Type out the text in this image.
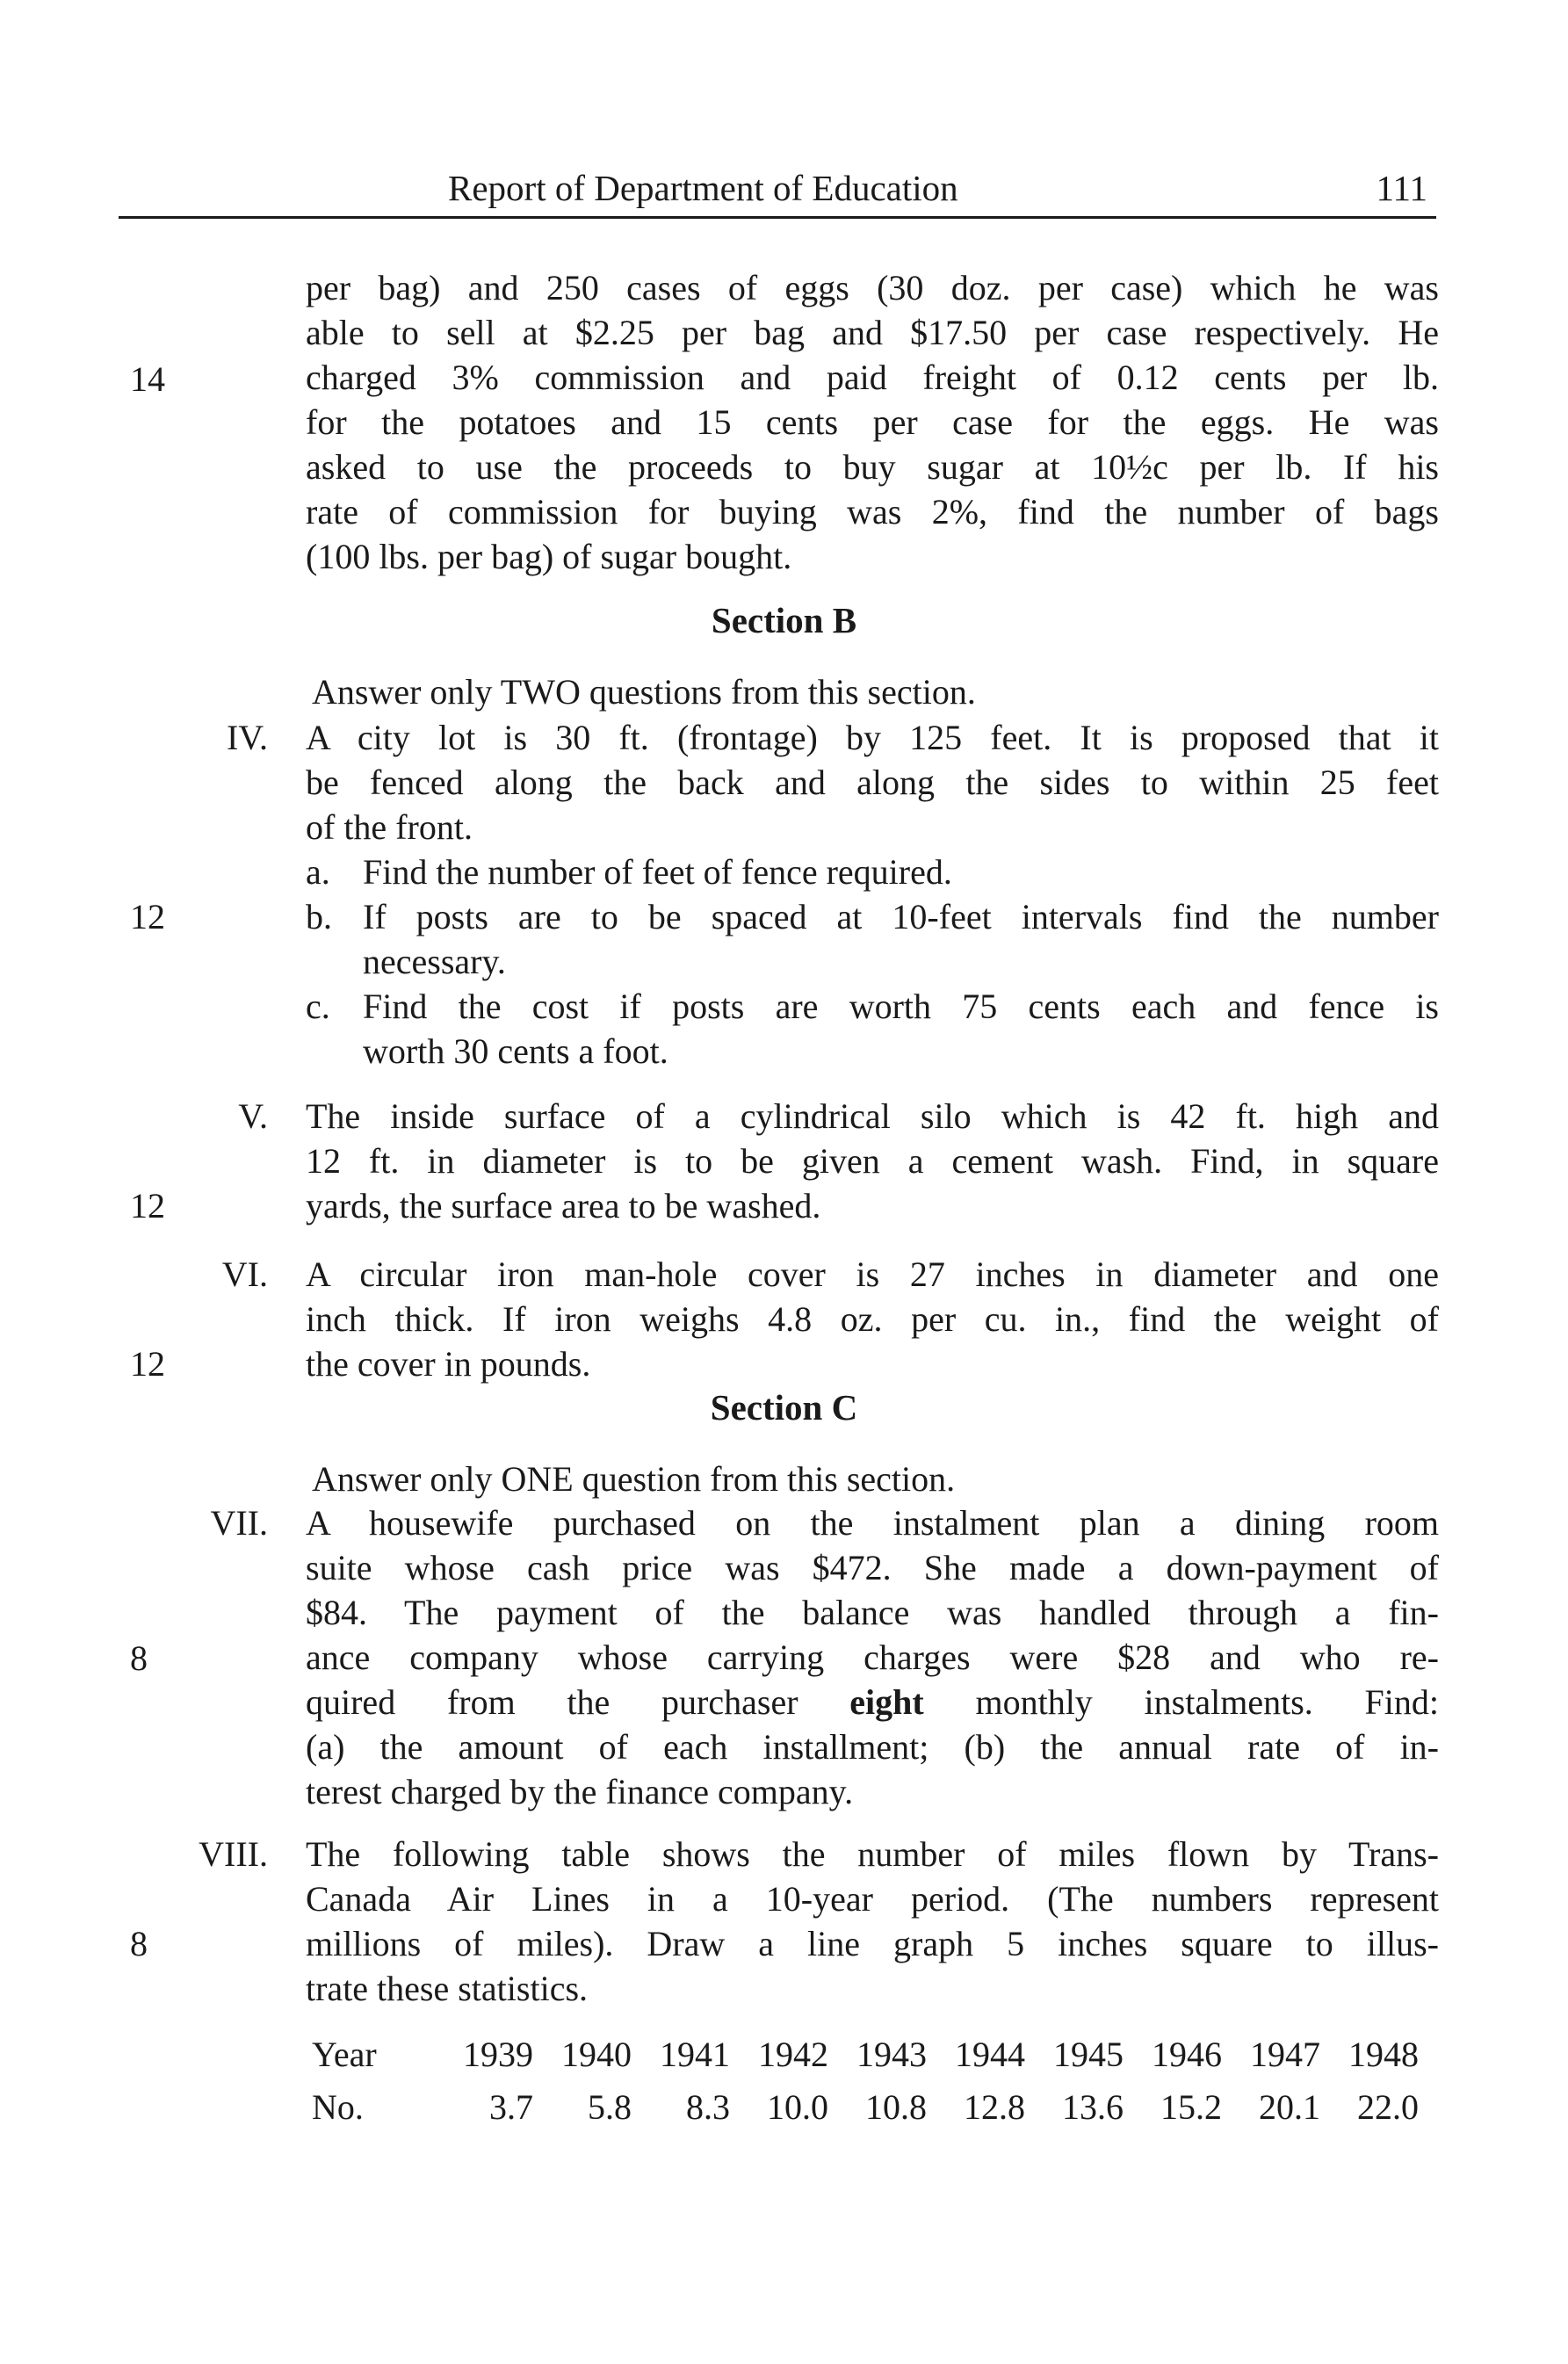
Report of Department of Education	111
14
per bag) and 250 cases of eggs (30 doz. per case) which he was
able to sell at $2.25 per bag and $17.50 per case respectively. He
charged 3% commission and paid freight of 0.12 cents per lb.
for the potatoes and 15 cents per case for the eggs. He was
asked to use the proceeds to buy sugar at 10½c per lb. If his
rate of commission for buying was 2%, find the number of bags
(100 lbs. per bag) of sugar bought.
Section B
Answer only TWO questions from this section.
IV. A city lot is 30 ft. (frontage) by 125 feet. It is proposed that it
be fenced along the back and along the sides to within 25 feet
of the front.
a. Find the number of feet of fence required.
12	b. If posts are to be spaced at 10-feet intervals find the number
necessary.
c. Find the cost if posts are worth 75 cents each and fence is
worth 30 cents a foot.
V.
12
The inside surface of a cylindrical silo which is 42 ft. high and
12 ft. in diameter is to be given a cement wash. Find, in square
yards, the surface area to be washed.
VI.
12
A circular iron man-hole cover is 27 inches in diameter and one
inch thick. If iron weighs 4.8 oz. per cu. in., find the weight of
the cover in pounds.
Section C
Answer only ONE question from this section.
VII.
8
A housewife purchased on the instalment plan a dining room
suite whose cash price was $472. She made a down-payment of
$84. The payment of the balance was handled through a fin-
ance company whose carrying charges were $28 and who re-
quired from the purchaser eight monthly instalments. Find:
(a) the amount of each installment; (b) the annual rate of in-
terest charged by the finance company.
VIII.
8
The following table shows the number of miles flown by Trans-
Canada Air Lines in a 10-year period. (The numbers represent
millions of miles). Draw a line graph 5 inches square to illus-
trate these statistics.
Year	1939	1940	1941	1942	1943	1944	1945	1946	1947	1948
No.	3.7	5.8	8.3	10.0	10.8	12.8	13.6	15.2	20.1	22.0
